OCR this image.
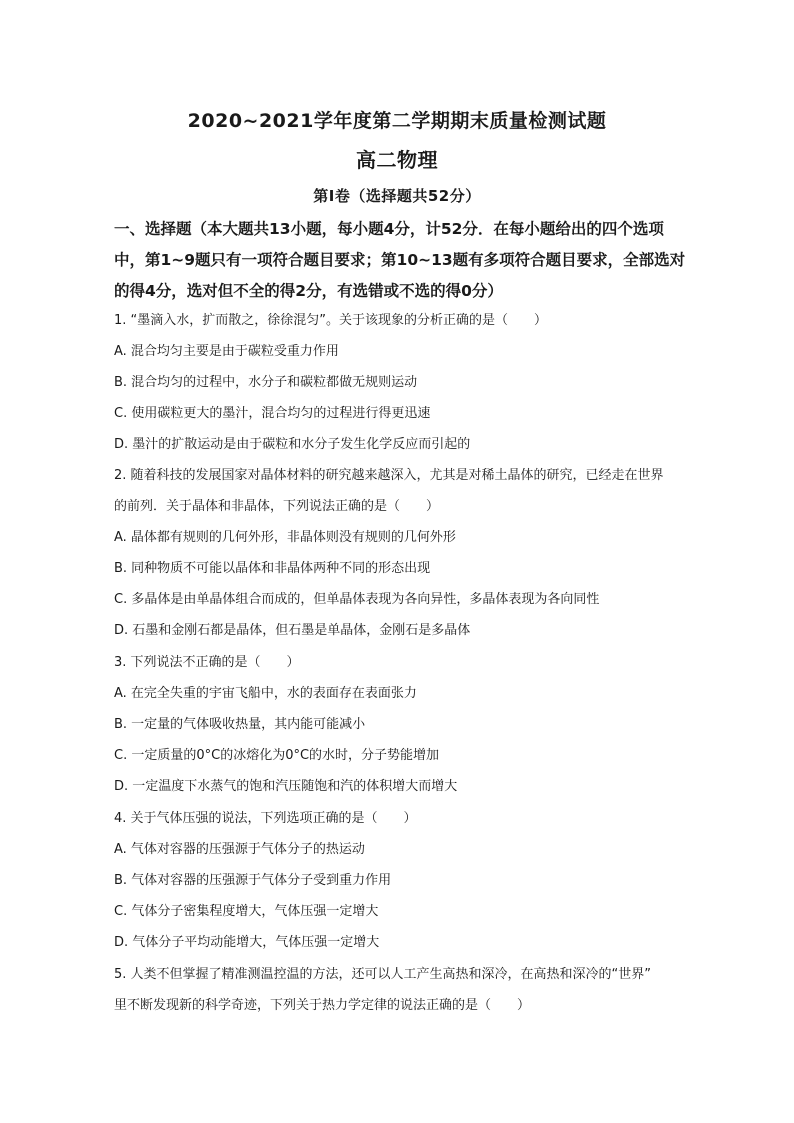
2020~2021学年度第二学期期末质量检测试题
高二物理
第Ⅰ卷（选择题共52分）
一、选择题（本大题共13小题，每小题4分，计52分．在每小题给出的四个选项
中，第1~9题只有一项符合题目要求；第10~13题有多项符合题目要求，全部选对
的得4分，选对但不全的得2分，有选错或不选的得0分）
1. “墨滴入水，扩而散之，徐徐混匀”。关于该现象的分析正确的是（　　）
A. 混合均匀主要是由于碳粒受重力作用
B. 混合均匀的过程中，水分子和碳粒都做无规则运动
C. 使用碳粒更大的墨汁，混合均匀的过程进行得更迅速
D. 墨汁的扩散运动是由于碳粒和水分子发生化学反应而引起的
2. 随着科技的发展国家对晶体材料的研究越来越深入，尤其是对稀土晶体的研究，已经走在世界
的前列．关于晶体和非晶体，下列说法正确的是（　　）
A. 晶体都有规则的几何外形，非晶体则没有规则的几何外形
B. 同种物质不可能以晶体和非晶体两种不同的形态出现
C. 多晶体是由单晶体组合而成的，但单晶体表现为各向异性，多晶体表现为各向同性
D. 石墨和金刚石都是晶体，但石墨是单晶体，金刚石是多晶体
3. 下列说法不正确的是（　　）
A. 在完全失重的宇宙飞船中，水的表面存在表面张力
B. 一定量的气体吸收热量，其内能可能减小
C. 一定质量的0°C的冰熔化为0°C的水时，分子势能增加
D. 一定温度下水蒸气的饱和汽压随饱和汽的体积增大而增大
4. 关于气体压强的说法，下列选项正确的是（　　）
A. 气体对容器的压强源于气体分子的热运动
B. 气体对容器的压强源于气体分子受到重力作用
C. 气体分子密集程度增大，气体压强一定增大
D. 气体分子平均动能增大，气体压强一定增大
5. 人类不但掌握了精准测温控温的方法，还可以人工产生高热和深冷，在高热和深冷的“世界”
里不断发现新的科学奇迹，下列关于热力学定律的说法正确的是（　　）
